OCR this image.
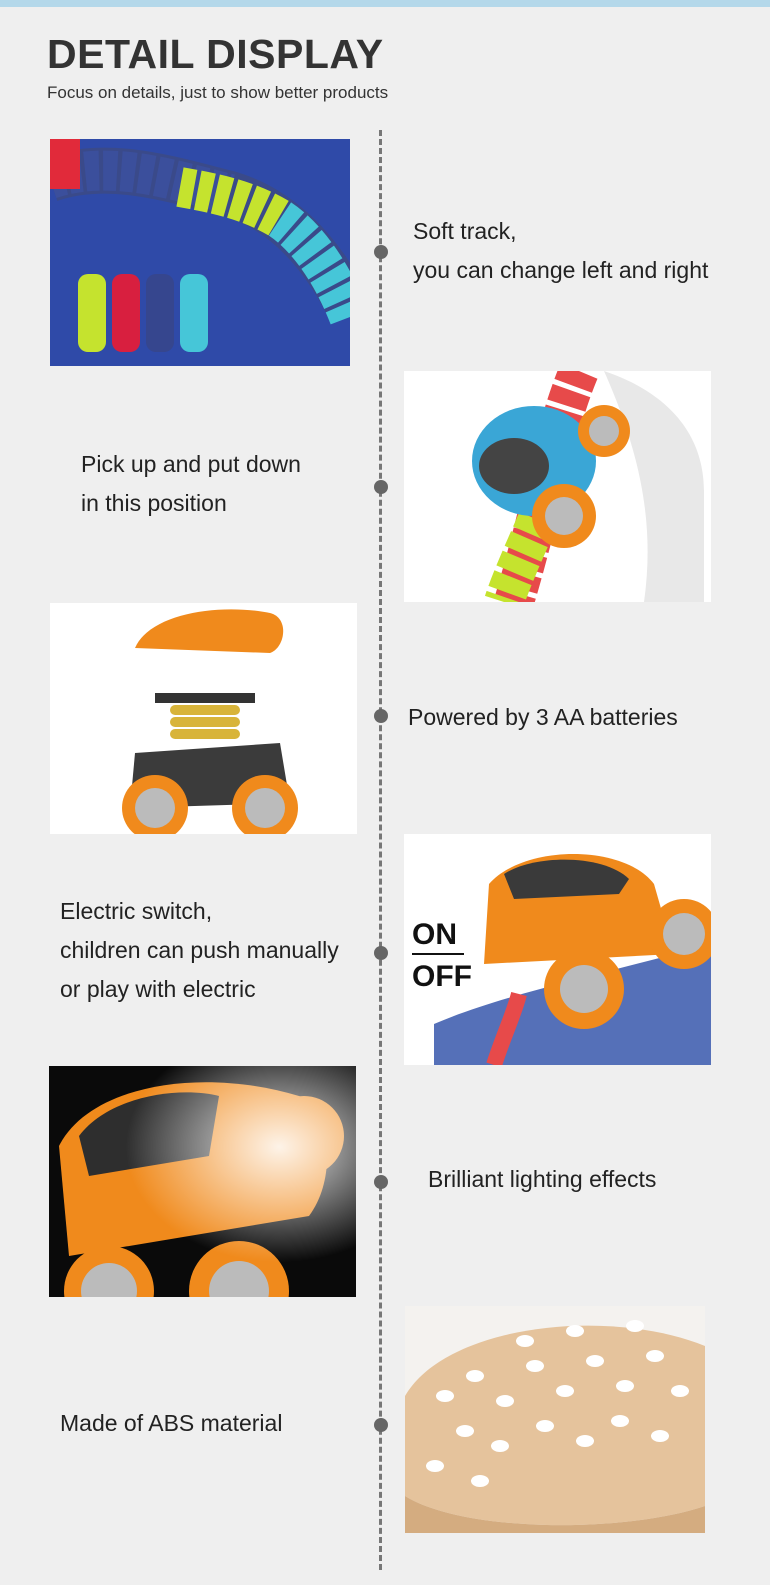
DETAIL DISPLAY
Focus on details, just to show better products
Soft track,
you can change left and right
Pick up and put down
in this position
Powered by 3 AA batteries
Electric switch,
children can push manually
or play with electric
ON
OFF
Brilliant lighting effects
Made of ABS material
